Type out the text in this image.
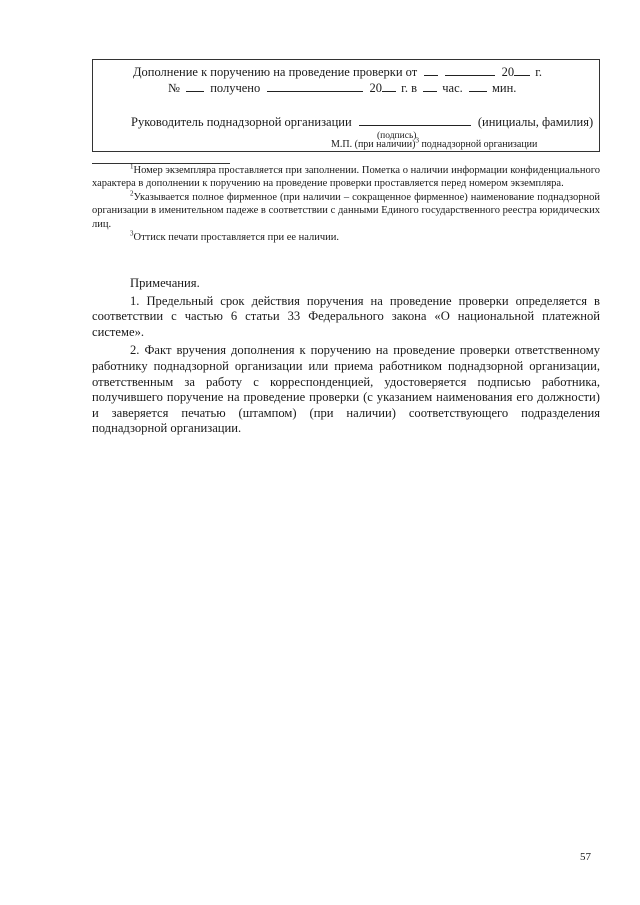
Дополнение к поручению на проведение проверки от	20 г.
№ получено	20 г. в час. мин.
Руководитель поднадзорной организации	(инициалы, фамилия)
(подпись)
М.П. (при наличии)$^3$ поднадзорной организации

$^1$Номер экземпляра проставляется при заполнении. Пометка о наличии информации конфиденциального характера в дополнении к поручению на проведение проверки проставляется перед номером экземпляра.

$^2$Указывается полное фирменное (при наличии – сокращенное фирменное) наименование поднадзорной организации в именительном падеже в соответствии с данными Единого государственного реестра юридических лиц.

$^3$Оттиск печати проставляется при ее наличии.

Примечания.

1. Предельный срок действия поручения на проведение проверки определяется в соответствии с частью 6 статьи 33 Федерального закона «О национальной платежной системе».

2. Факт вручения дополнения к поручению на проведение проверки ответственному работнику поднадзорной организации или приема работником поднадзорной организации, ответственным за работу с корреспонденцией, удостоверяется подписью работника, получившего поручение на проведение проверки (с указанием наименования его должности) и заверяется печатью (штампом) (при наличии) соответствующего подразделения поднадзорной организации.

57
